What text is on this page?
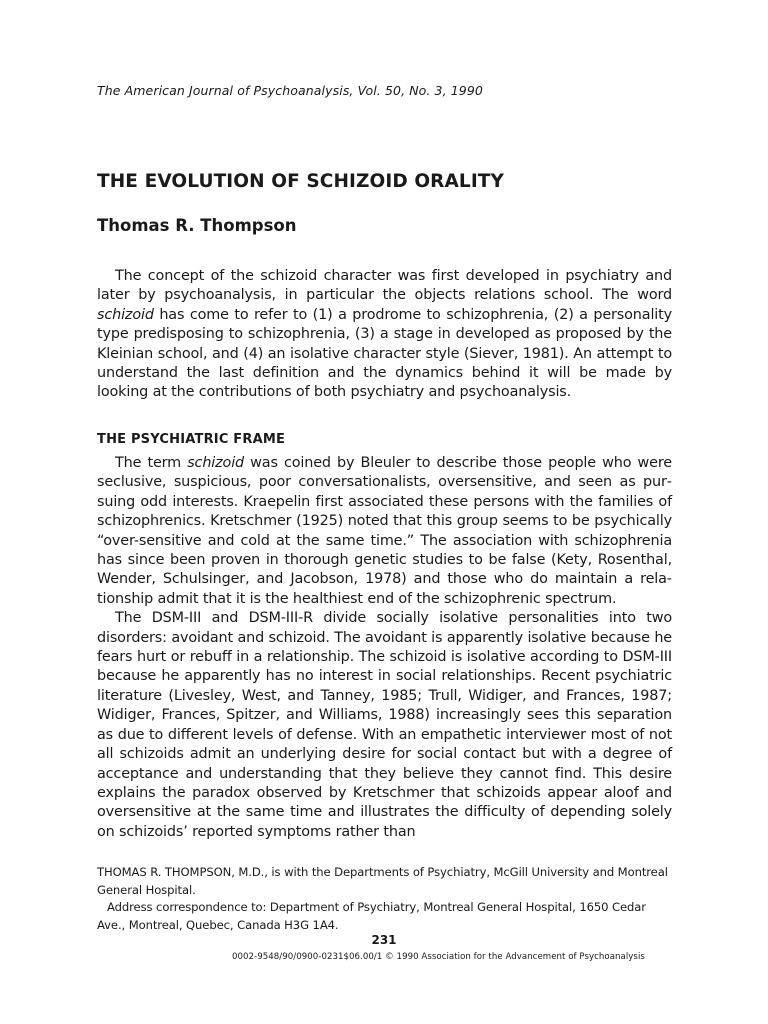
The American Journal of Psychoanalysis, Vol. 50, No. 3, 1990
THE EVOLUTION OF SCHIZOID ORALITY
Thomas R. Thompson

The concept of the schizoid character was first developed in psychiatry and later by psychoanalysis, in particular the objects relations school. The word schizoid has come to refer to (1) a prodrome to schizophrenia, (2) a personality type predisposing to schizophrenia, (3) a stage in developed as proposed by the Kleinian school, and (4) an isolative character style (Siever, 1981). An attempt to understand the last definition and the dynamics behind it will be made by looking at the contributions of both psychiatry and psychoanalysis.

THE PSYCHIATRIC FRAME

The term schizoid was coined by Bleuler to describe those people who were seclusive, suspicious, poor conversationalists, oversensitive, and seen as pursuing odd interests. Kraepelin first associated these persons with the families of schizophrenics. Kretschmer (1925) noted that this group seems to be psychically “over-sensitive and cold at the same time.” The association with schizophrenia has since been proven in thorough genetic studies to be false (Kety, Rosenthal, Wender, Schulsinger, and Jacobson, 1978) and those who do maintain a relationship admit that it is the healthiest end of the schizophrenic spectrum.

The DSM-III and DSM-III-R divide socially isolative personalities into two disorders: avoidant and schizoid. The avoidant is apparently isolative because he fears hurt or rebuff in a relationship. The schizoid is isolative according to DSM-III because he apparently has no interest in social relationships. Recent psychiatric literature (Livesley, West, and Tanney, 1985; Trull, Widiger, and Frances, 1987; Widiger, Frances, Spitzer, and Williams, 1988) increasingly sees this separation as due to different levels of defense. With an empathetic interviewer most of not all schizoids admit an underlying desire for social contact but with a degree of acceptance and understanding that they believe they cannot find. This desire explains the paradox observed by Kretschmer that schizoids appear aloof and oversensitive at the same time and illustrates the difficulty of depending solely on schizoids’ reported symptoms rather than

THOMAS R. THOMPSON, M.D., is with the Departments of Psychiatry, McGill University and Montreal General Hospital.

Address correspondence to: Department of Psychiatry, Montreal General Hospital, 1650 Cedar Ave., Montreal, Quebec, Canada H3G 1A4.

231
0002-9548/90/0900-0231$06.00/1 © 1990 Association for the Advancement of Psychoanalysis
